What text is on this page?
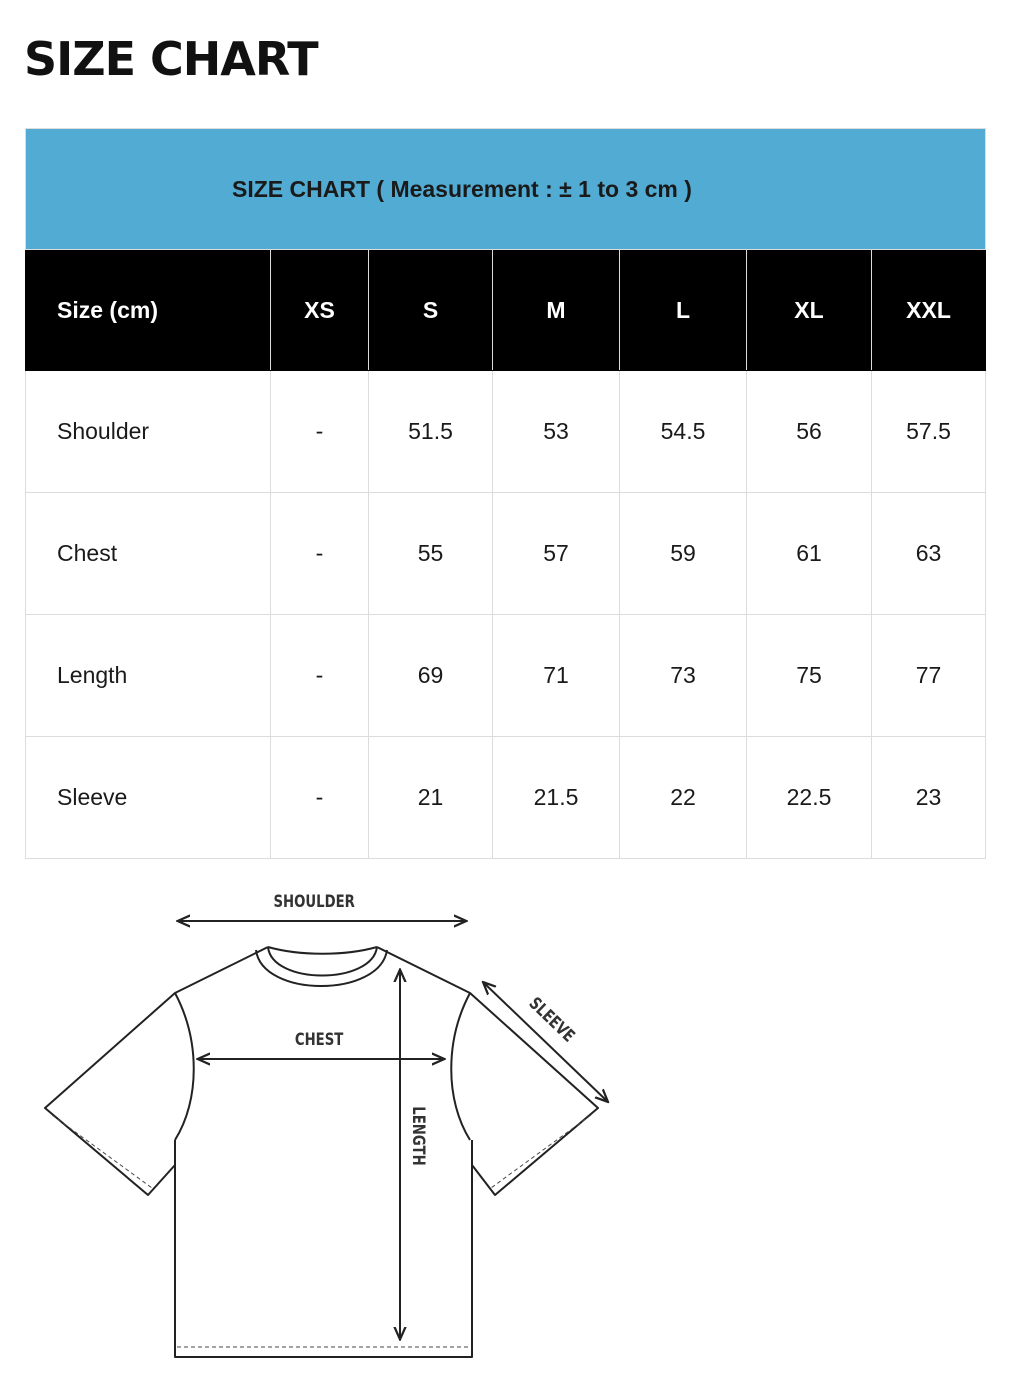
SIZE CHART
SIZE CHART ( Measurement : ± 1 to 3 cm )						
Size (cm)	XS	S	M	L	XL	XXL
Shoulder	-	51.5	53	54.5	56	57.5
Chest	-	55	57	59	61	63
Length	-	69	71	73	75	77
Sleeve	-	21	21.5	22	22.5	23
SHOULDER
CHEST
LENGTH
SLEEVE
